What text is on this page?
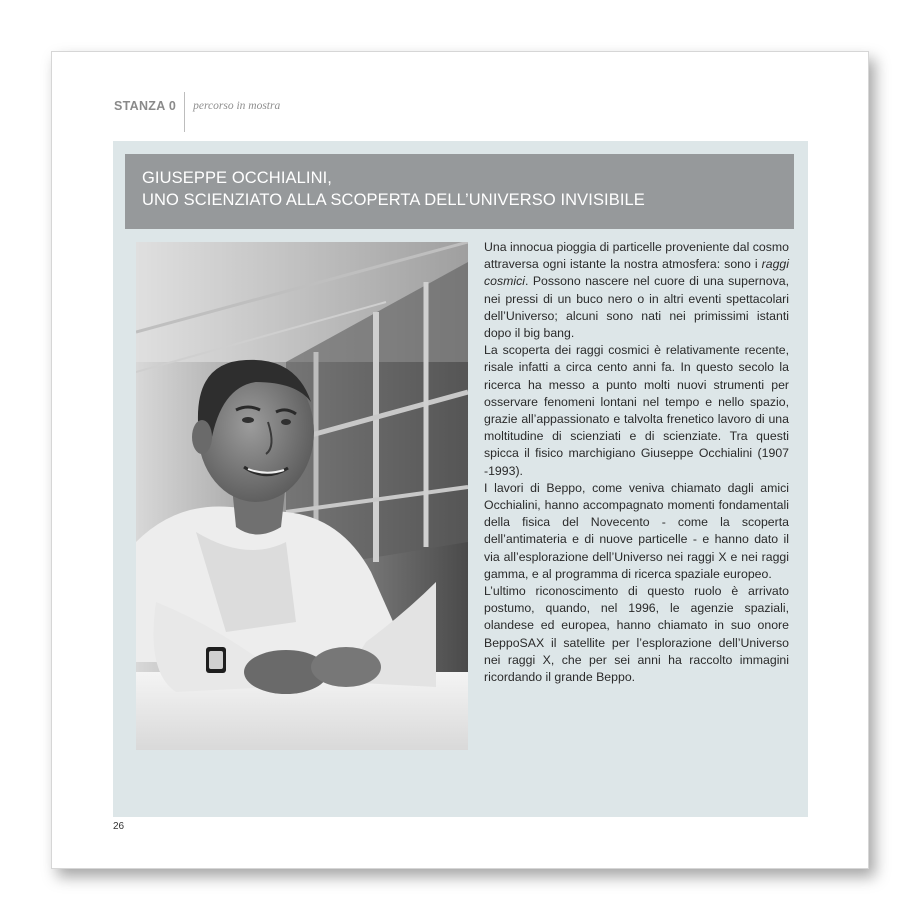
STANZA 0 percorso in mostra
GIUSEPPE OCCHIALINI,
UNO SCIENZIATO ALLA SCOPERTA DELL’UNIVERSO INVISIBILE

Una innocua pioggia di particelle proveniente dal cosmo attraversa ogni istante la nostra atmosfera: sono i raggi cosmici. Possono nascere nel cuore di una supernova, nei pressi di un buco nero o in altri eventi spettacolari dell’Universo; alcuni sono nati nei primissimi istanti dopo il big bang.

La scoperta dei raggi cosmici è relativamente recente, risale infatti a circa cento anni fa. In questo secolo la ricerca ha messo a punto molti nuovi strumenti per osservare fenomeni lontani nel tempo e nello spazio, grazie all’appassionato e talvolta frenetico lavoro di una moltitudine di scienziati e di scienziate. Tra questi spicca il fisico marchigiano Giuseppe Occhialini (1907 -1993).

I lavori di Beppo, come veniva chiamato dagli amici Occhialini, hanno accompagnato momenti fondamentali della fisica del Novecento - come la scoperta dell’antimateria e di nuove particelle - e hanno dato il via all’esplorazione dell’Universo nei raggi X e nei raggi gamma, e al programma di ricerca spaziale europeo.

L’ultimo riconoscimento di questo ruolo è arrivato postumo, quando, nel 1996, le agenzie spaziali, olandese ed europea, hanno chiamato in suo onore BeppoSAX il satellite per l’esplorazione dell’Universo nei raggi X, che per sei anni ha raccolto immagini ricordando il grande Beppo.

26
